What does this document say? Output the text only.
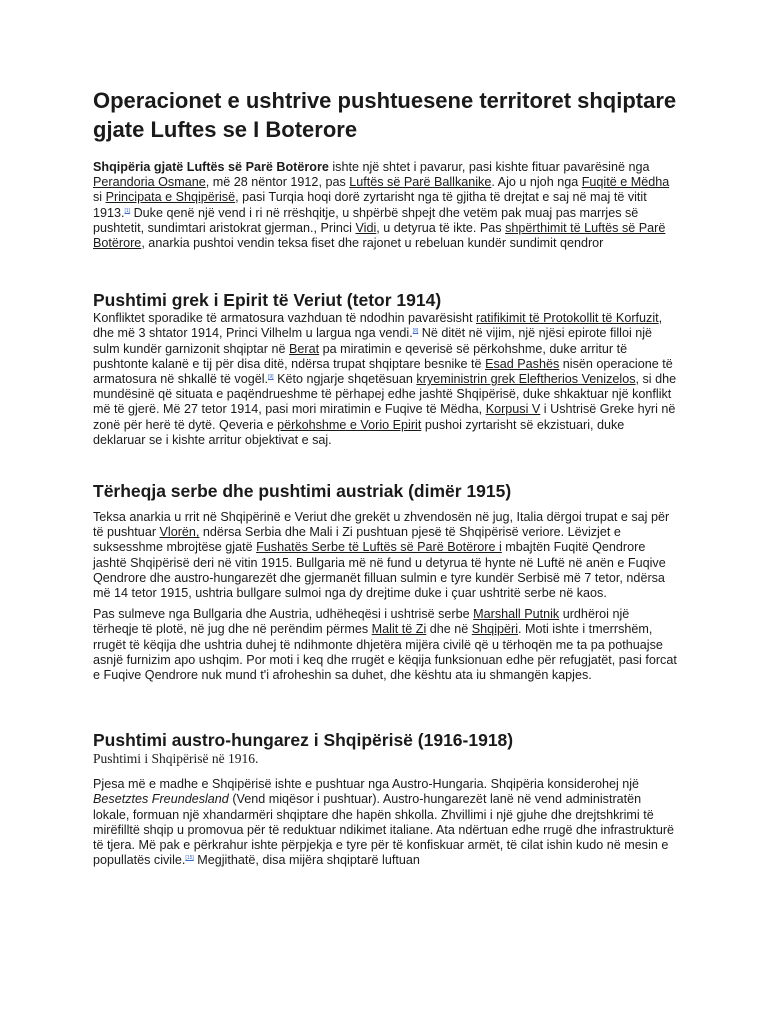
Operacionet e ushtrive pushtuesene territoret shqiptare gjate Luftes se I Boterore

Shqipëria gjatë Luftës së Parë Botërore ishte një shtet i pavarur, pasi kishte fituar pavarësinë nga Perandoria Osmane, më 28 nëntor 1912, pas Luftës së Parë Ballkanike. Ajo u njoh nga Fuqitë e Mëdha si Principata e Shqipërisë, pasi Turqia hoqi dorë zyrtarisht nga të gjitha të drejtat e saj në maj të vitit 1913.[1] Duke qenë një vend i ri në rrëshqitje, u shpërbë shpejt dhe vetëm pak muaj pas marrjes së pushtetit, sundimtari aristokrat gjerman., Princi Vidi, u detyrua të ikte. Pas shpërthimit të Luftës së Parë Botërore, anarkia pushtoi vendin teksa fiset dhe rajonet u rebeluan kundër sundimit qendror

Pushtimi grek i Epirit të Veriut (tetor 1914)

Konfliktet sporadike të armatosura vazhduan të ndodhin pavarësisht ratifikimit të Protokollit të Korfuzit, dhe më 3 shtator 1914, Princi Vilhelm u largua nga vendi.[8] Në ditët në vijim, një njësi epirote filloi një sulm kundër garnizonit shqiptar në Berat pa miratimin e qeverisë së përkohshme, duke arritur të pushtonte kalanë e tij për disa ditë, ndërsa trupat shqiptare besnike të Esad Pashës nisën operacione të armatosura në shkallë të vogël.[9] Këto ngjarje shqetësuan kryeministrin grek Eleftherios Venizelos, si dhe mundësinë që situata e paqëndrueshme të përhapej edhe jashtë Shqipërisë, duke shkaktuar një konflikt më të gjerë. Më 27 tetor 1914, pasi mori miratimin e Fuqive të Mëdha, Korpusi V i Ushtrisë Greke hyri në zonë për herë të dytë. Qeveria e përkohshme e Vorio Epirit pushoi zyrtarisht së ekzistuari, duke deklaruar se i kishte arritur objektivat e saj.

Tërheqja serbe dhe pushtimi austriak (dimër 1915)

Teksa anarkia u rrit në Shqipërinë e Veriut dhe grekët u zhvendosën në jug, Italia dërgoi trupat e saj për të pushtuar Vlorën, ndërsa Serbia dhe Mali i Zi pushtuan pjesë të Shqipërisë veriore. Lëvizjet e suksesshme mbrojtëse gjatë Fushatës Serbe të Luftës së Parë Botërore i mbajtën Fuqitë Qendrore jashtë Shqipërisë deri në vitin 1915. Bullgaria më në fund u detyrua të hynte në Luftë në anën e Fuqive Qendrore dhe austro-hungarezët dhe gjermanët filluan sulmin e tyre kundër Serbisë më 7 tetor, ndërsa më 14 tetor 1915, ushtria bullgare sulmoi nga dy drejtime duke i çuar ushtritë serbe në kaos.

Pas sulmeve nga Bullgaria dhe Austria, udhëheqësi i ushtrisë serbe Marshall Putnik urdhëroi një tërheqje të plotë, në jug dhe në perëndim përmes Malit të Zi dhe në Shqipëri. Moti ishte i tmerrshëm, rrugët të këqija dhe ushtria duhej të ndihmonte dhjetëra mijëra civilë që u tërhoqën me ta pa pothuajse asnjë furnizim apo ushqim. Por moti i keq dhe rrugët e këqija funksionuan edhe për refugjatët, pasi forcat e Fuqive Qendrore nuk mund t'i afroheshin sa duhet, dhe kështu ata iu shmangën kapjes.

Pushtimi austro-hungarez i Shqipërisë (1916-1918)
Pushtimi i Shqipërisë në 1916.

Pjesa më e madhe e Shqipërisë ishte e pushtuar nga Austro-Hungaria. Shqipëria konsiderohej një Besetztes Freundesland (Vend miqësor i pushtuar). Austro-hungarezët lanë në vend administratën lokale, formuan një xhandarmëri shqiptare dhe hapën shkolla. Zhvillimi i një gjuhe dhe drejtshkrimi të mirëfilltë shqip u promovua për të reduktuar ndikimet italiane. Ata ndërtuan edhe rrugë dhe infrastrukturë të tjera. Më pak e përkrahur ishte përpjekja e tyre për të konfiskuar armët, të cilat ishin kudo në mesin e popullatës civile.[15] Megjithatë, disa mijëra shqiptarë luftuan
